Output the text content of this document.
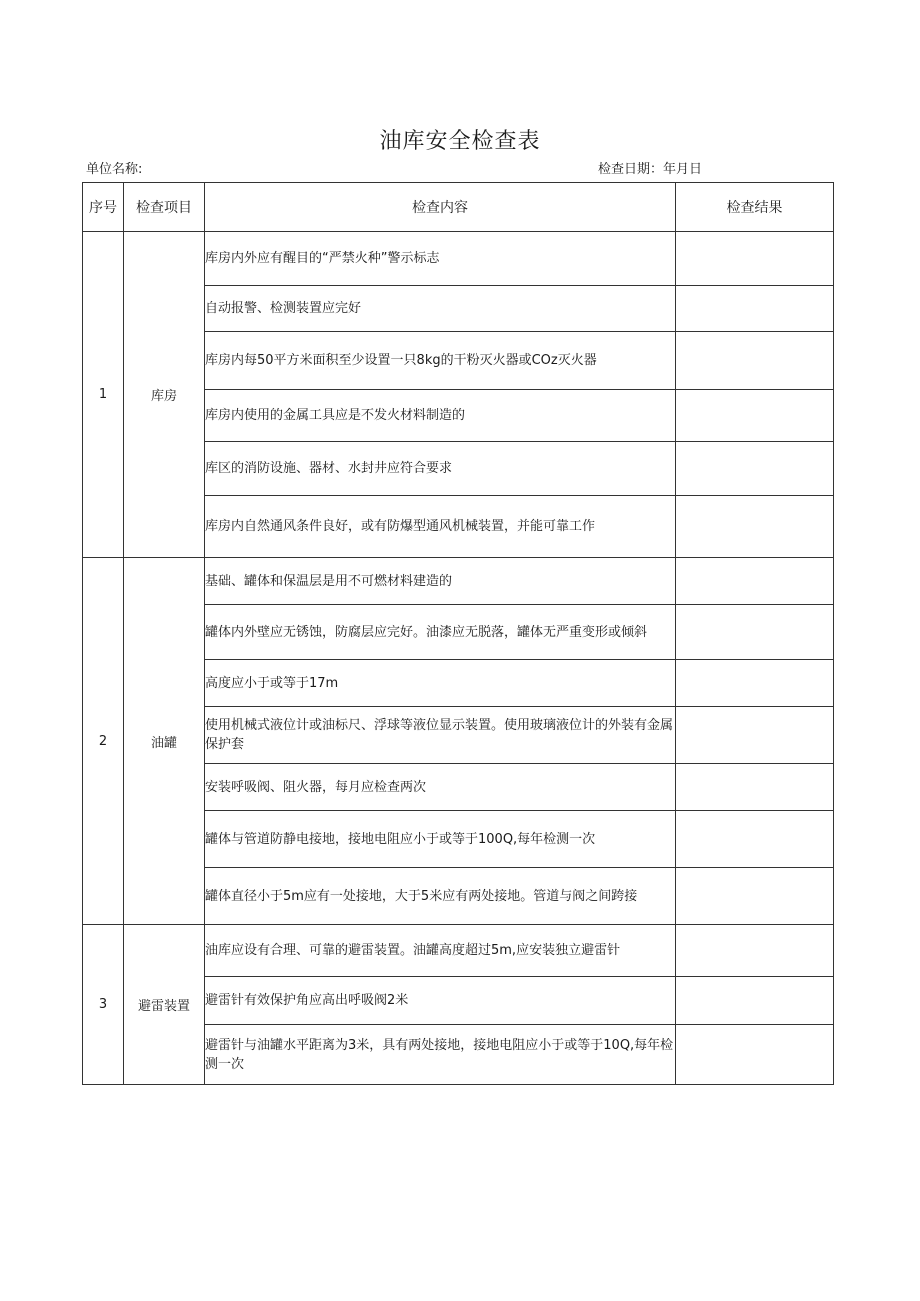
油库安全检查表
单位名称:	检查日期：年月日
序号	检查项目	检查内容	检查结果
1	库房	库房内外应有醒目的“严禁火种”警示标志	
		自动报警、检测装置应完好	
		库房内每50平方米面积至少设置一只8kg的干粉灭火器或COz灭火器	
		库房内使用的金属工具应是不发火材料制造的	
		库区的消防设施、器材、水封井应符合要求	
		库房内自然通风条件良好，或有防爆型通风机械装置，并能可靠工作	
2	油罐	基础、罐体和保温层是用不可燃材料建造的	
		罐体内外壁应无锈蚀，防腐层应完好。油漆应无脱落，罐体无严重变形或倾斜	
		高度应小于或等于17m	
		使用机械式液位计或油标尺、浮球等液位显示装置。使用玻璃液位计的外装有金属保护套	
		安装呼吸阀、阻火器，每月应检查两次	
		罐体与管道防静电接地，接地电阻应小于或等于100Q,每年检测一次	
		罐体直径小于5m应有一处接地，大于5米应有两处接地。管道与阀之间跨接	
3	避雷装置	油库应设有合理、可靠的避雷装置。油罐高度超过5m,应安装独立避雷针	
		避雷针有效保护角应高出呼吸阀2米	
		避雷针与油罐水平距离为3米，具有两处接地，接地电阻应小于或等于10Q,每年检测一次	
